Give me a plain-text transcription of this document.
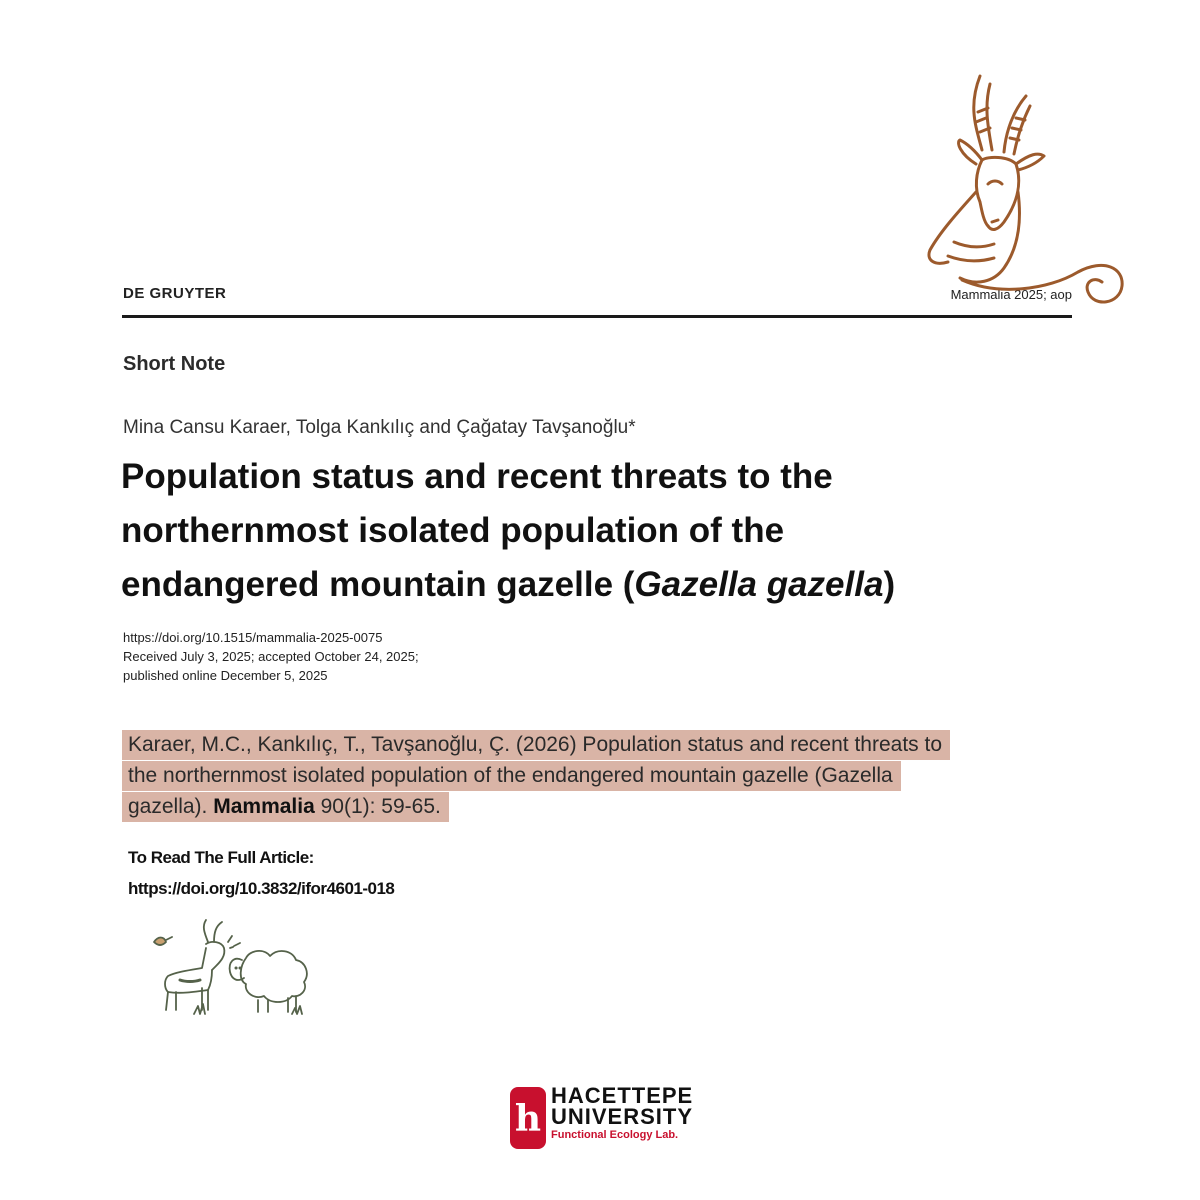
DE GRUYTER	Mammalia 2025; aop
Short Note
Mina Cansu Karaer, Tolga Kankılıç and Çağatay Tavşanoğlu*
Population status and recent threats to the
northernmost isolated population of the
endangered mountain gazelle (Gazella gazella)
https://doi.org/10.1515/mammalia-2025-0075
Received July 3, 2025; accepted October 24, 2025;
published online December 5, 2025
Karaer, M.C., Kankılıç, T., Tavşanoğlu, Ç. (2026) Population status and recent threats to
the northernmost isolated population of the endangered mountain gazelle (Gazella
gazella). Mammalia 90(1): 59-65.
To Read The Full Article:
https://doi.org/10.3832/ifor4601-018
h
HACETTEPE
UNIVERSITY
Functional Ecology Lab.
